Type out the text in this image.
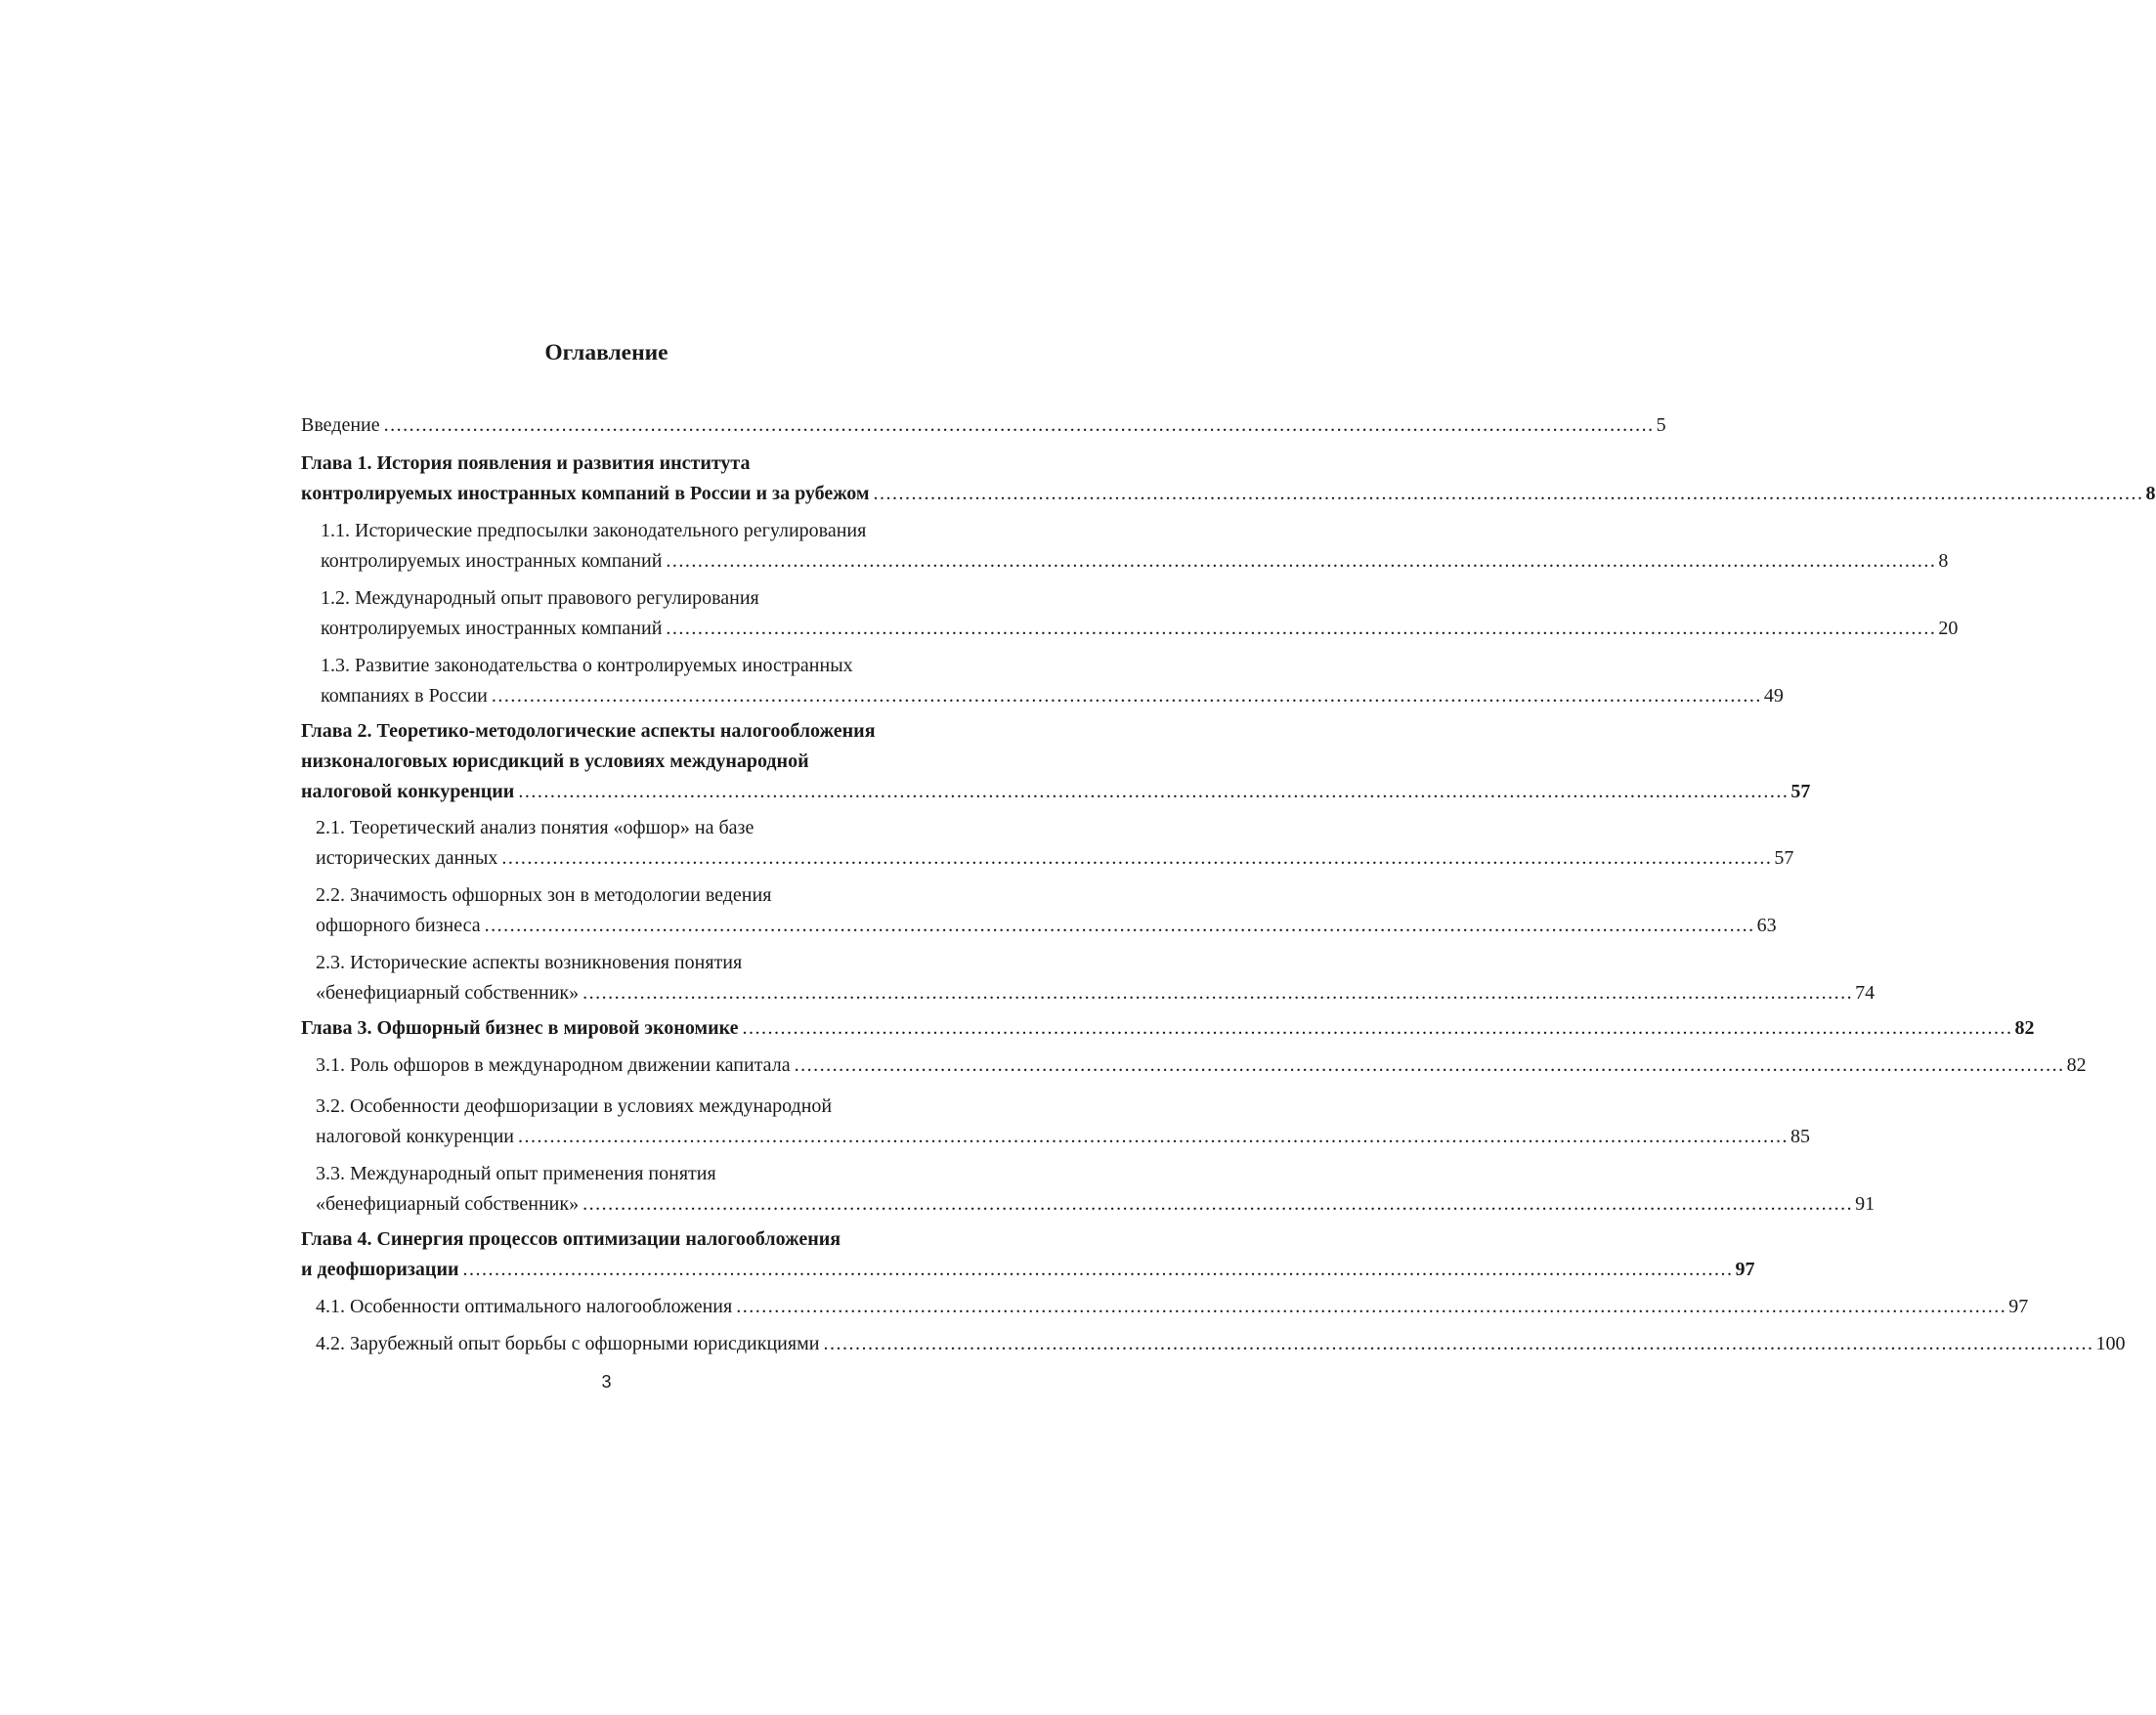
Оглавление
Введение ........................................................................................................................................................................................................ 5
Глава 1. История появления и развития института
контролируемых иностранных компаний в России и за рубежом ........................................................................................................................................................................................................ 8
1.1. Исторические предпосылки законодательного регулирования
контролируемых иностранных компаний ........................................................................................................................................................................................................ 8
1.2. Международный опыт правового регулирования
контролируемых иностранных компаний ........................................................................................................................................................................................................ 20
1.3. Развитие законодательства о контролируемых иностранных
компаниях в России ........................................................................................................................................................................................................ 49
Глава 2. Теоретико-методологические аспекты налогообложения
низконалоговых юрисдикций в условиях международной
налоговой конкуренции ........................................................................................................................................................................................................ 57
2.1. Теоретический анализ понятия «офшор» на базе
исторических данных ........................................................................................................................................................................................................ 57
2.2. Значимость офшорных зон в методологии ведения
офшорного бизнеса ........................................................................................................................................................................................................ 63
2.3. Исторические аспекты возникновения понятия
«бенефициарный собственник» ........................................................................................................................................................................................................ 74
Глава 3. Офшорный бизнес в мировой экономике ........................................................................................................................................................................................................ 82
3.1. Роль офшоров в международном движении капитала ........................................................................................................................................................................................................ 82
3.2. Особенности деофшоризации в условиях международной
налоговой конкуренции ........................................................................................................................................................................................................ 85
3.3. Международный опыт применения понятия
«бенефициарный собственник» ........................................................................................................................................................................................................ 91
Глава 4. Синергия процессов оптимизации налогообложения
и деофшоризации ........................................................................................................................................................................................................ 97
4.1. Особенности оптимального налогообложения ........................................................................................................................................................................................................ 97
4.2. Зарубежный опыт борьбы с офшорными юрисдикциями ........................................................................................................................................................................................................ 100
3
